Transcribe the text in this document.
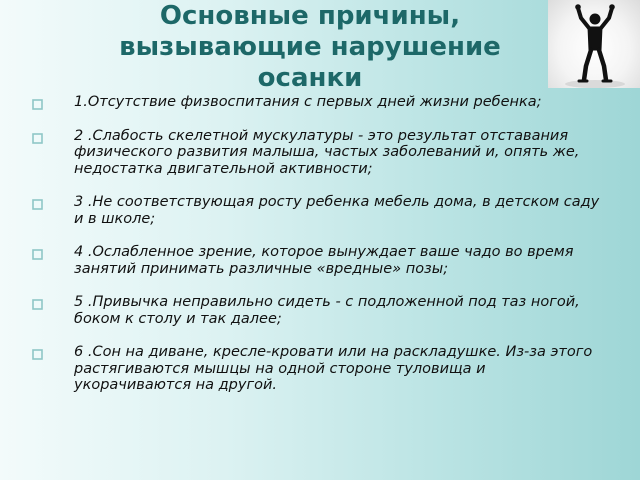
Основные причины,
вызывающие нарушение
осанки
1.Отсутствие физвоспитания с первых дней жизни ребенка;
2 .Слабость скелетной мускулатуры - это результат отставания физического развития малыша, частых заболеваний и, опять же, недостатка двигательной активности;
3 .Не соответствующая росту ребенка мебель дома, в детском саду и в школе;
4 .Ослабленное зрение, которое вынуждает ваше чадо во время занятий принимать различные «вредные» позы;
5 .Привычка неправильно сидеть - с подложенной под таз ногой, боком к столу и так далее;
6 .Сон на диване, кресле-кровати или на раскладушке. Из-за этого растягиваются мышцы на одной стороне туловища и укорачиваются на другой.
